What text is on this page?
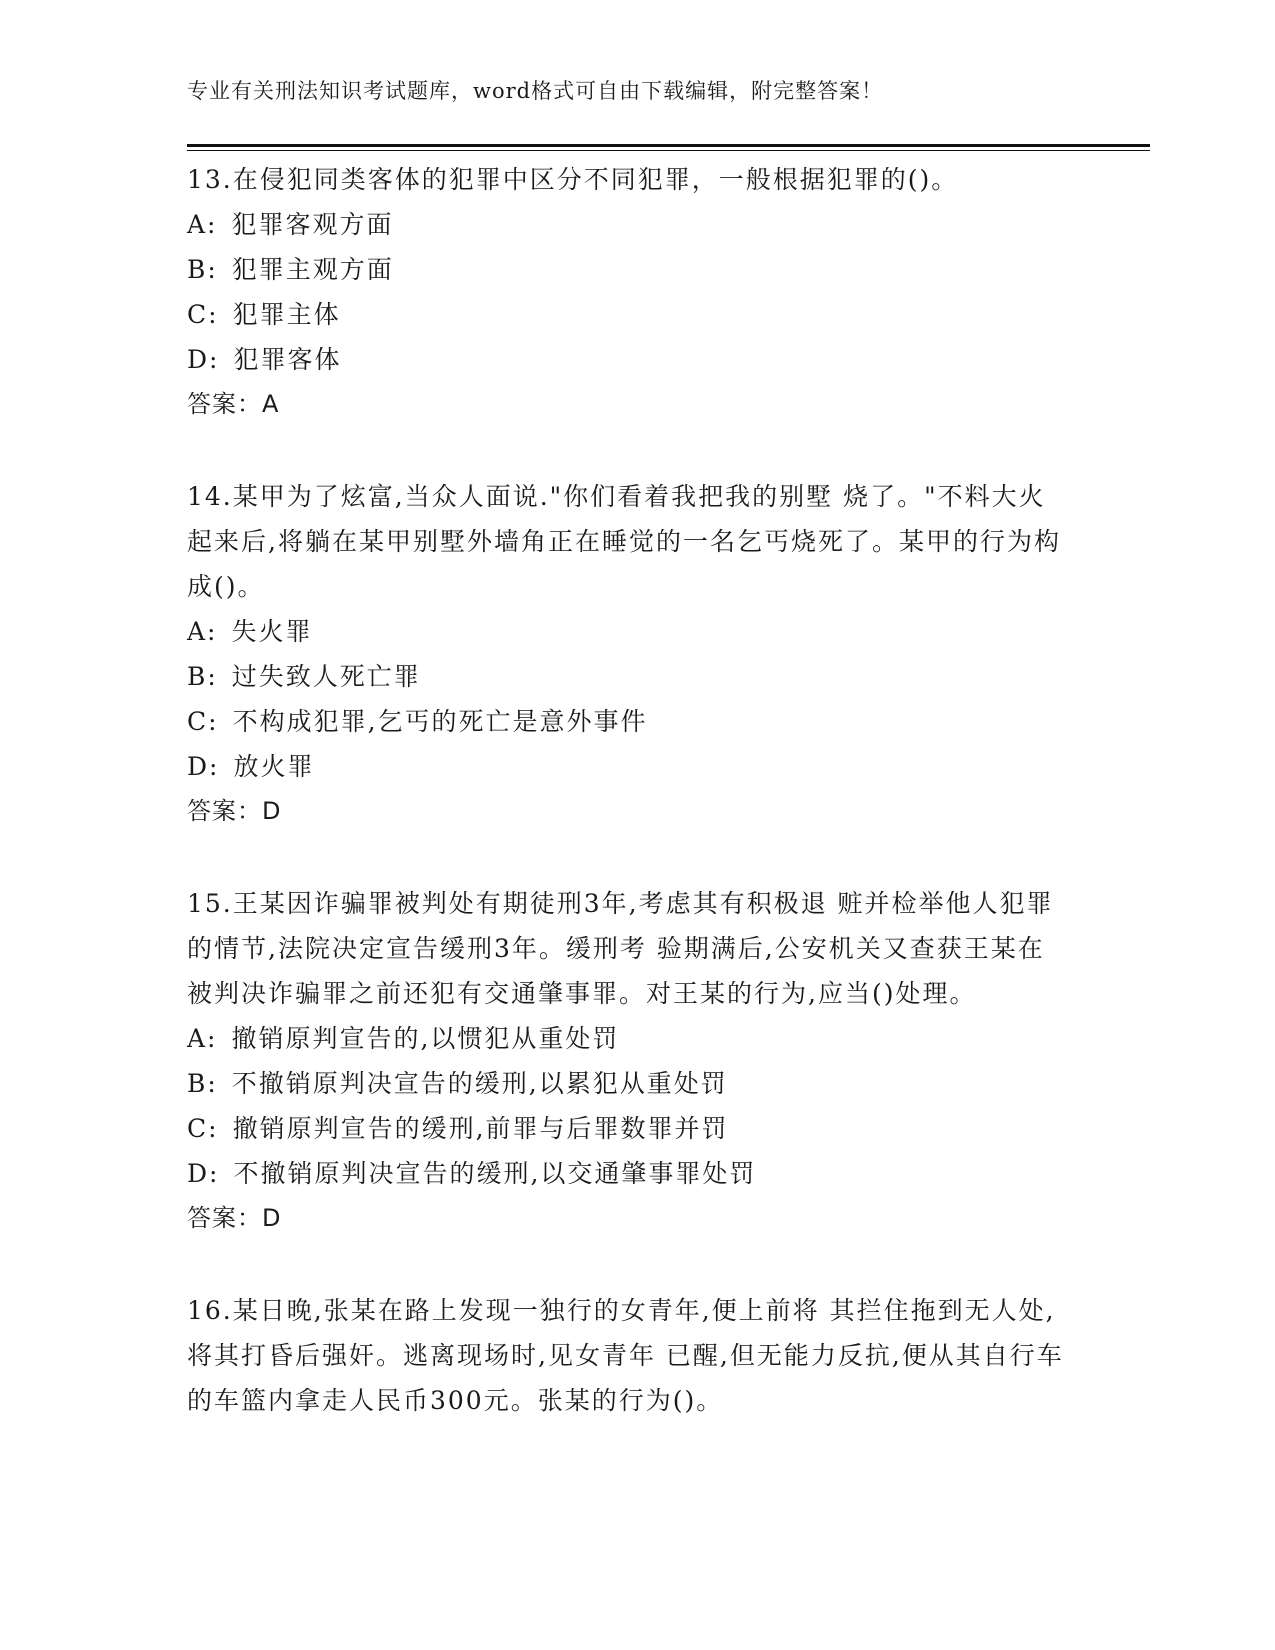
专业有关刑法知识考试题库，word格式可自由下载编辑，附完整答案！

13.在侵犯同类客体的犯罪中区分不同犯罪，一般根据犯罪的()。

A: 犯罪客观方面

B: 犯罪主观方面

C: 犯罪主体

D: 犯罪客体

答案：A

14.某甲为了炫富,当众人面说."你们看着我把我的别墅 烧了。"不料大火起来后,将躺在某甲别墅外墙角正在睡觉的一名乞丐烧死了。某甲的行为构成()。

A: 失火罪

B: 过失致人死亡罪

C: 不构成犯罪,乞丐的死亡是意外事件

D: 放火罪

答案：D

15.王某因诈骗罪被判处有期徒刑3年,考虑其有积极退 赃并检举他人犯罪的情节,法院决定宣告缓刑3年。缓刑考 验期满后,公安机关又查获王某在被判决诈骗罪之前还犯有交通肇事罪。对王某的行为,应当()处理。

A: 撤销原判宣告的,以惯犯从重处罚

B: 不撤销原判决宣告的缓刑,以累犯从重处罚

C: 撤销原判宣告的缓刑,前罪与后罪数罪并罚

D: 不撤销原判决宣告的缓刑,以交通肇事罪处罚

答案：D

16.某日晚,张某在路上发现一独行的女青年,便上前将 其拦住拖到无人处,将其打昏后强奸。逃离现场时,见女青年 已醒,但无能力反抗,便从其自行车的车篮内拿走人民币300元。张某的行为()。
